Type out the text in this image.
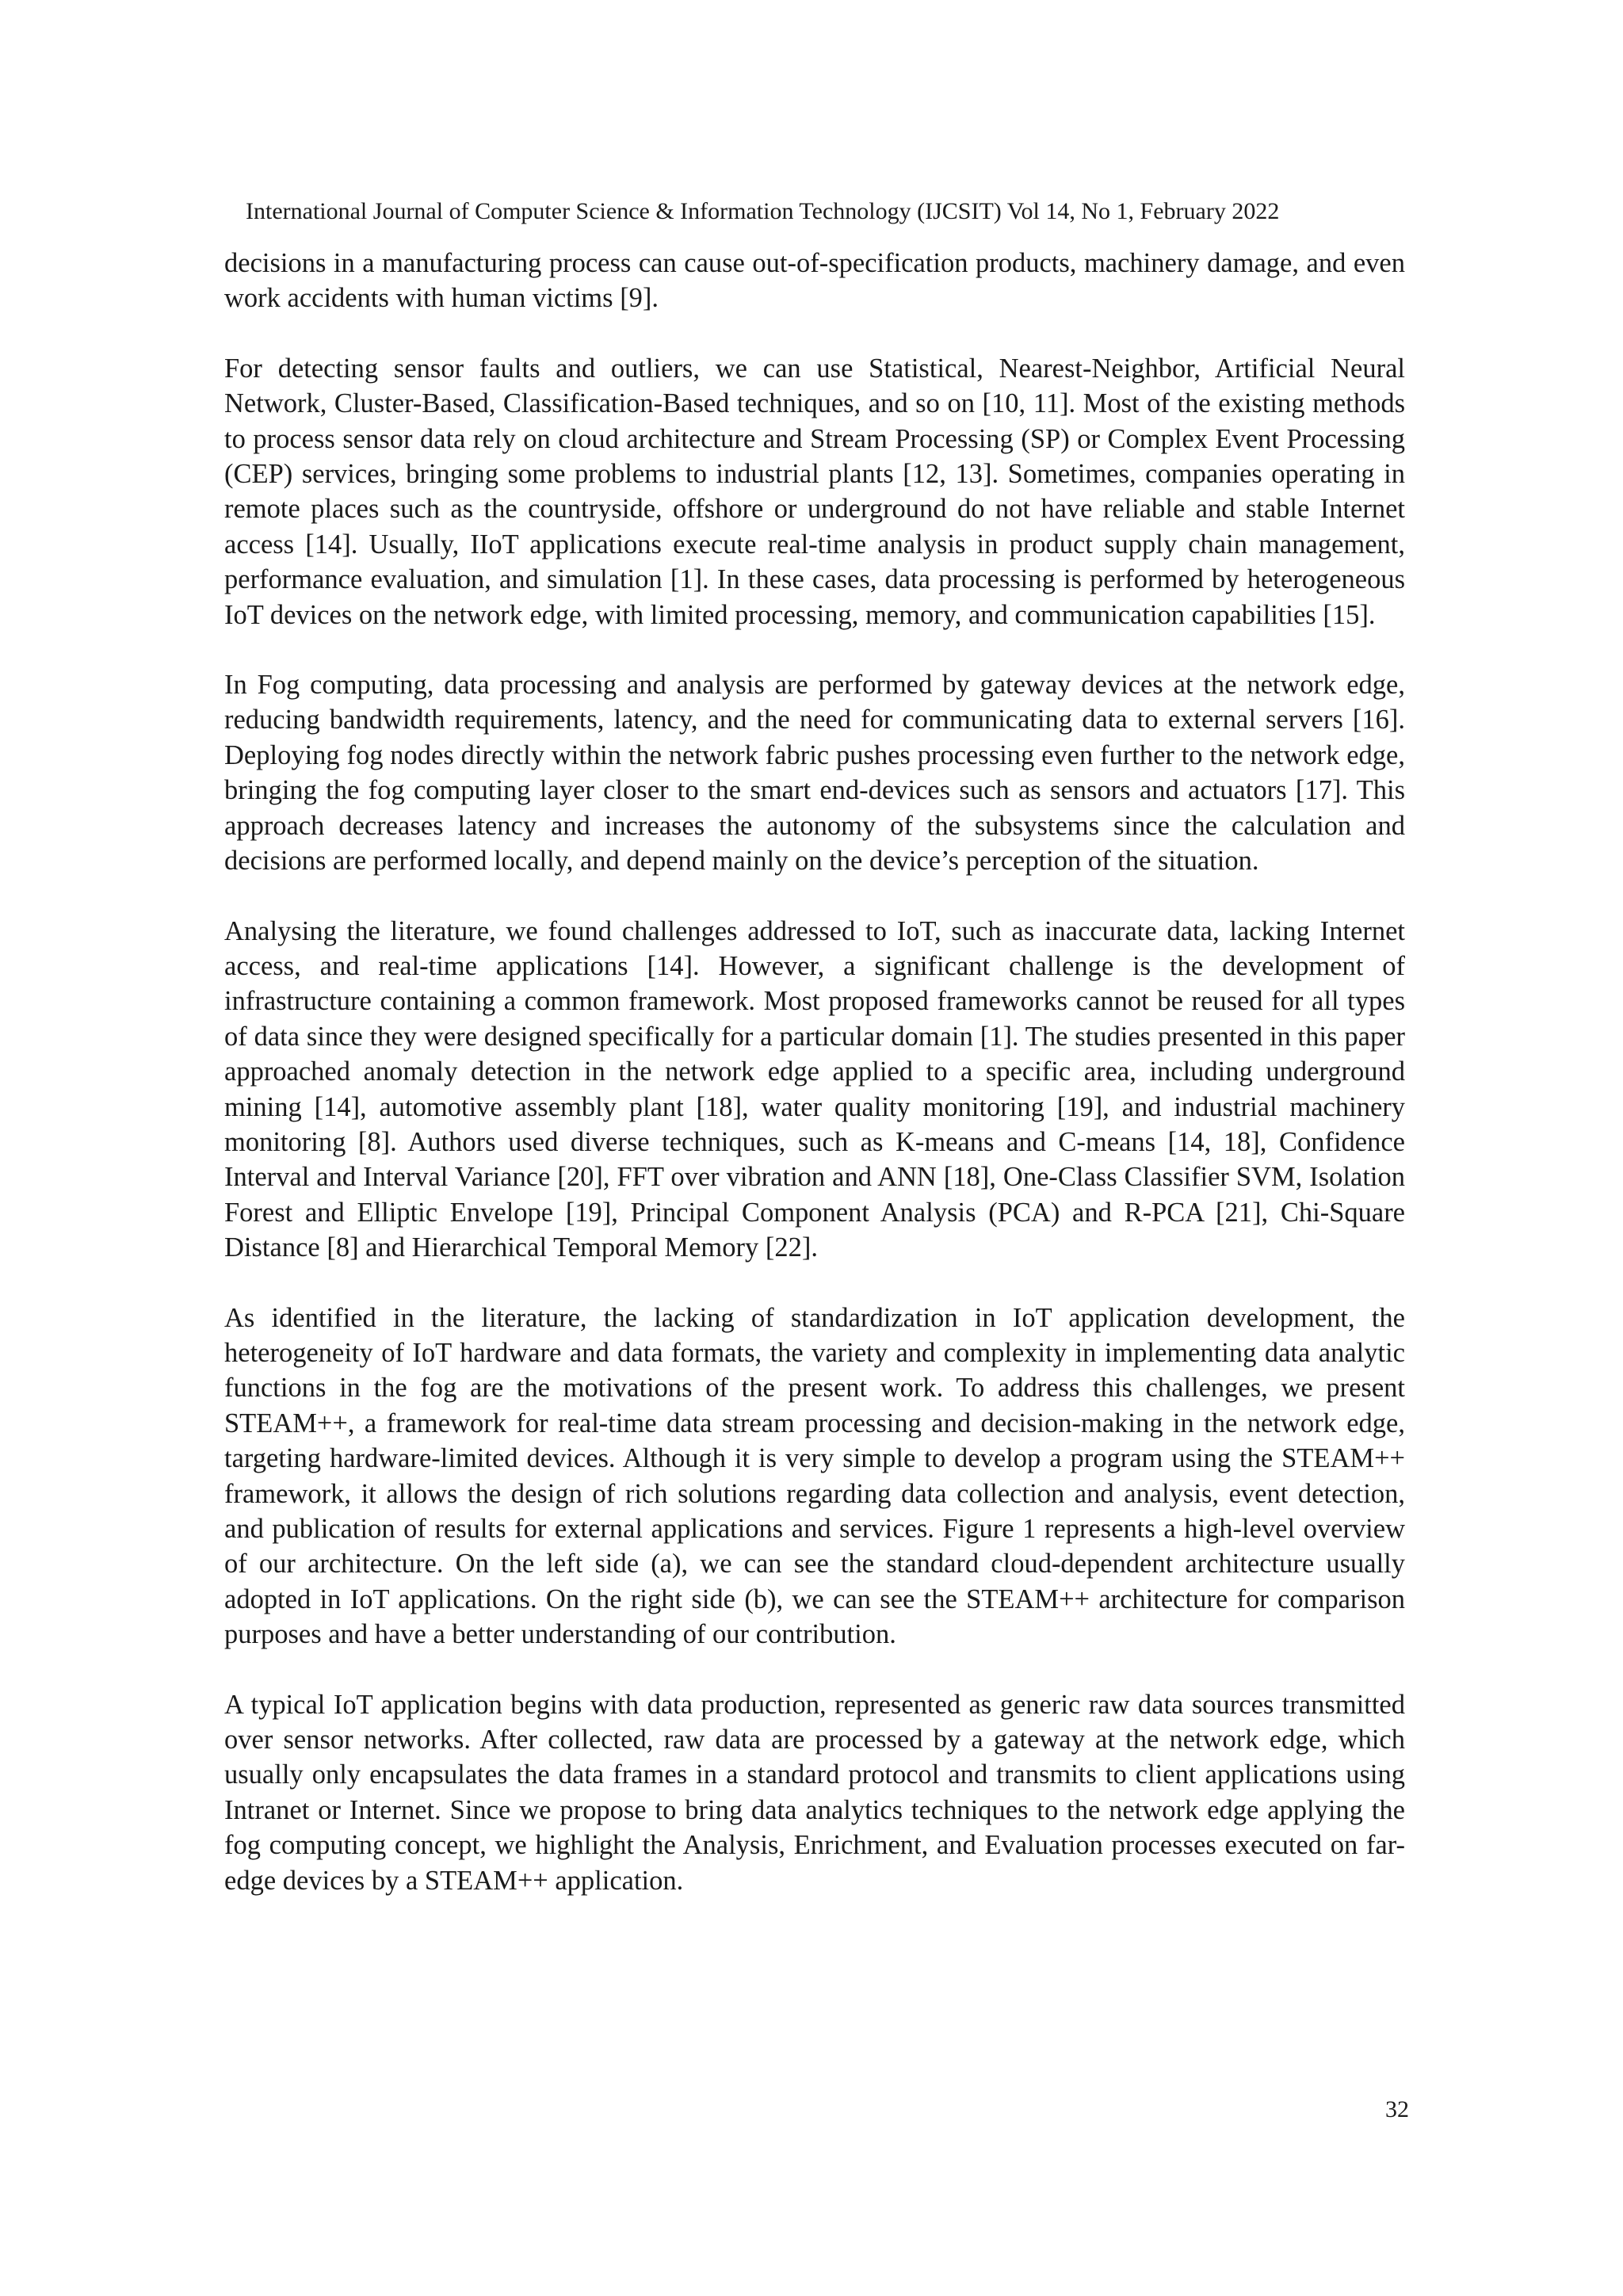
International Journal of Computer Science & Information Technology (IJCSIT) Vol 14, No 1, February 2022

decisions in a manufacturing process can cause out-of-specification products, machinery damage, and even work accidents with human victims [9].

For detecting sensor faults and outliers, we can use Statistical, Nearest-Neighbor, Artificial Neural Network, Cluster-Based, Classification-Based techniques, and so on [10, 11]. Most of the existing methods to process sensor data rely on cloud architecture and Stream Processing (SP) or Complex Event Processing (CEP) services, bringing some problems to industrial plants [12, 13]. Sometimes, companies operating in remote places such as the countryside, offshore or underground do not have reliable and stable Internet access [14]. Usually, IIoT applications execute real-time analysis in product supply chain management, performance evaluation, and simulation [1]. In these cases, data processing is performed by heterogeneous IoT devices on the network edge, with limited processing, memory, and communication capabilities [15].

In Fog computing, data processing and analysis are performed by gateway devices at the network edge, reducing bandwidth requirements, latency, and the need for communicating data to external servers [16]. Deploying fog nodes directly within the network fabric pushes processing even further to the network edge, bringing the fog computing layer closer to the smart end-devices such as sensors and actuators [17]. This approach decreases latency and increases the autonomy of the subsystems since the calculation and decisions are performed locally, and depend mainly on the device’s perception of the situation.

Analysing the literature, we found challenges addressed to IoT, such as inaccurate data, lacking Internet access, and real-time applications [14]. However, a significant challenge is the development of infrastructure containing a common framework. Most proposed frameworks cannot be reused for all types of data since they were designed specifically for a particular domain [1]. The studies presented in this paper approached anomaly detection in the network edge applied to a specific area, including underground mining [14], automotive assembly plant [18], water quality monitoring [19], and industrial machinery monitoring [8]. Authors used diverse techniques, such as K-means and C-means [14, 18], Confidence Interval and Interval Variance [20], FFT over vibration and ANN [18], One-Class Classifier SVM, Isolation Forest and Elliptic Envelope [19], Principal Component Analysis (PCA) and R-PCA [21], Chi-Square Distance [8] and Hierarchical Temporal Memory [22].

As identified in the literature, the lacking of standardization in IoT application development, the heterogeneity of IoT hardware and data formats, the variety and complexity in implementing data analytic functions in the fog are the motivations of the present work. To address this challenges, we present STEAM++, a framework for real-time data stream processing and decision-making in the network edge, targeting hardware-limited devices. Although it is very simple to develop a program using the STEAM++ framework, it allows the design of rich solutions regarding data collection and analysis, event detection, and publication of results for external applications and services. Figure 1 represents a high-level overview of our architecture. On the left side (a), we can see the standard cloud-dependent architecture usually adopted in IoT applications. On the right side (b), we can see the STEAM++ architecture for comparison purposes and have a better understanding of our contribution.

A typical IoT application begins with data production, represented as generic raw data sources transmitted over sensor networks. After collected, raw data are processed by a gateway at the network edge, which usually only encapsulates the data frames in a standard protocol and transmits to client applications using Intranet or Internet. Since we propose to bring data analytics techniques to the network edge applying the fog computing concept, we highlight the Analysis, Enrichment, and Evaluation processes executed on far-edge devices by a STEAM++ application.

32
